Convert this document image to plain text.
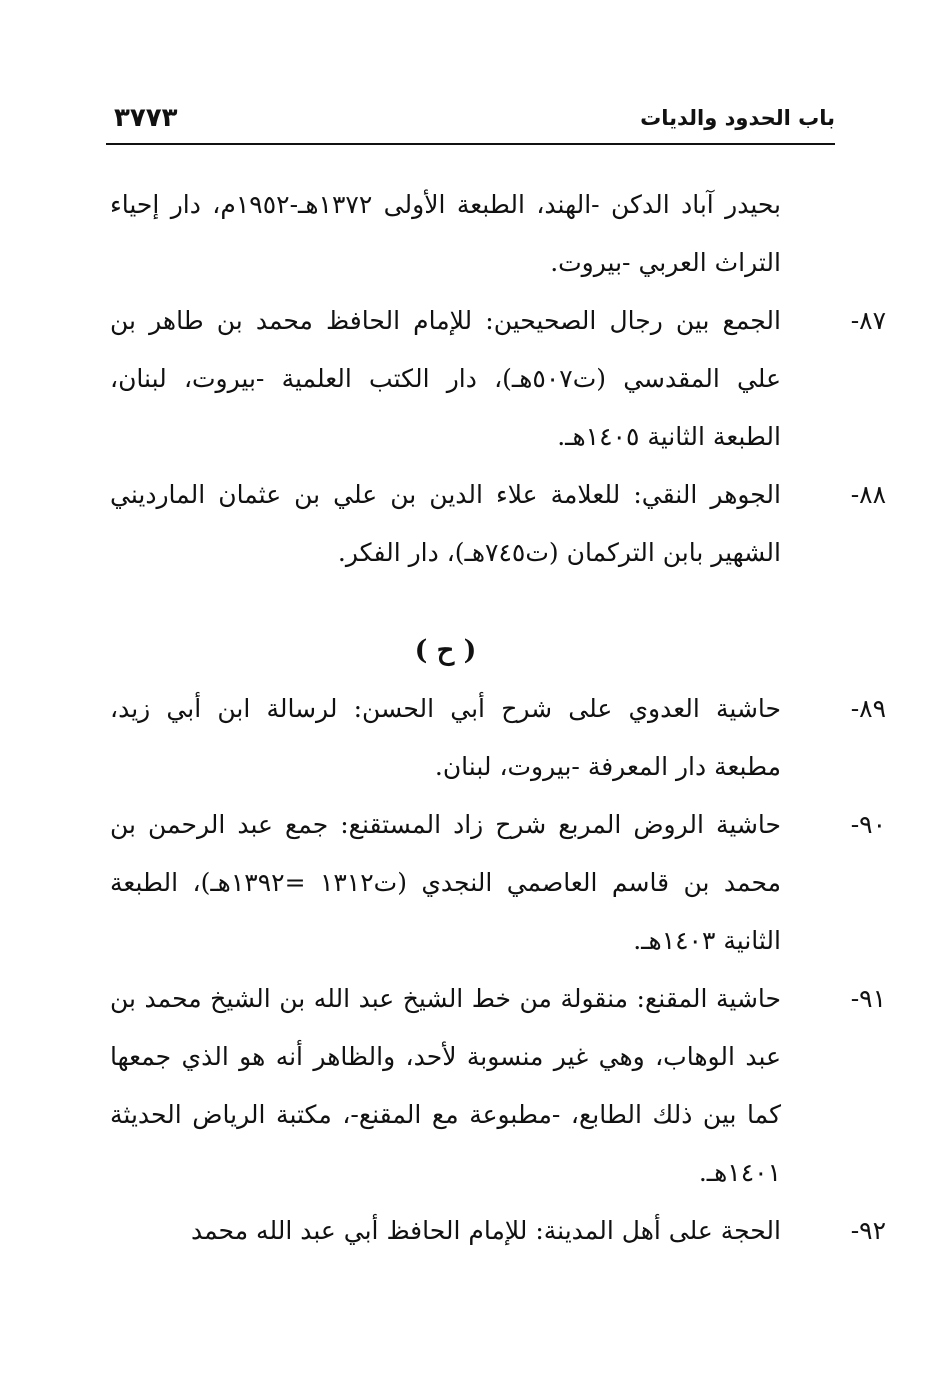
٣٧٧٣	باب الحدود والديات

بحيدر آباد الدكن -الهند، الطبعة الأولى ١٣٧٢هـ-١٩٥٢م، دار إحياء التراث العربي -بيروت.

٨٧-
الجمع بين رجال الصحيحين: للإمام الحافظ محمد بن طاهر بن علي المقدسي (ت٥٠٧هـ)، دار الكتب العلمية -بيروت، لبنان، الطبعة الثانية ١٤٠٥هـ.
٨٨-
الجوهر النقي: للعلامة علاء الدين بن علي بن عثمان المارديني الشهير بابن التركمان (ت٧٤٥هـ)، دار الفكر.
( ح )
٨٩-
حاشية العدوي على شرح أبي الحسن: لرسالة ابن أبي زيد، مطبعة دار المعرفة -بيروت، لبنان.
٩٠-
حاشية الروض المربع شرح زاد المستقنع: جمع عبد الرحمن بن محمد بن قاسم العاصمي النجدي (ت١٣١٢ =١٣٩٢هـ)، الطبعة الثانية ١٤٠٣هـ.
٩١-
حاشية المقنع: منقولة من خط الشيخ عبد الله بن الشيخ محمد بن عبد الوهاب، وهي غير منسوبة لأحد، والظاهر أنه هو الذي جمعها كما بين ذلك الطابع، -مطبوعة مع المقنع-، مكتبة الرياض الحديثة ١٤٠١هـ.
٩٢-
الحجة على أهل المدينة: للإمام الحافظ أبي عبد الله محمد
